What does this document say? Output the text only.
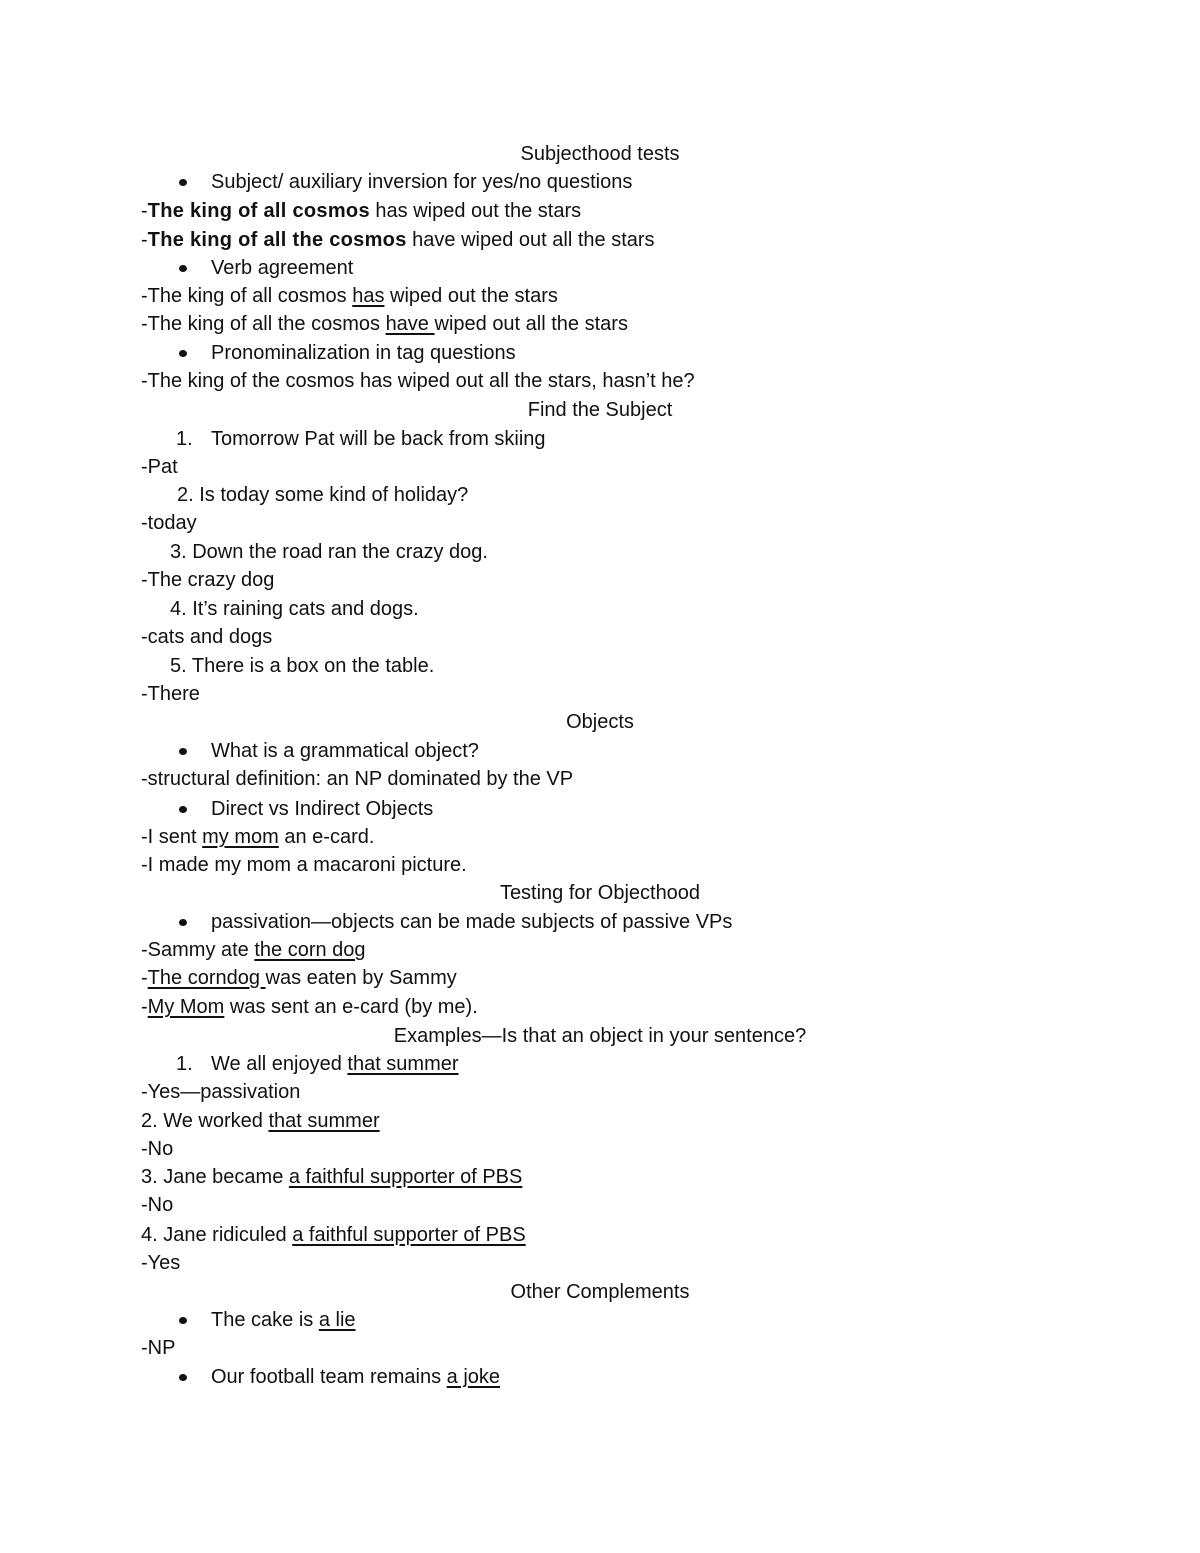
Subjecthood tests
Subject/ auxiliary inversion for yes/no questions
-The king of all cosmos has wiped out the stars
-The king of all the cosmos have wiped out all the stars
Verb agreement
-The king of all cosmos has wiped out the stars
-The king of all the cosmos have wiped out all the stars
Pronominalization in tag questions
-The king of the cosmos has wiped out all the stars, hasn’t he?
Find the Subject
1. Tomorrow Pat will be back from skiing
-Pat
2. Is today some kind of holiday?
-today
3. Down the road ran the crazy dog.
-The crazy dog
4. It’s raining cats and dogs.
-cats and dogs
5. There is a box on the table.
-There
Objects
What is a grammatical object?
-structural definition: an NP dominated by the VP
Direct vs Indirect Objects
-I sent my mom an e-card.
-I made my mom a macaroni picture.
Testing for Objecthood
passivation—objects can be made subjects of passive VPs
-Sammy ate the corn dog
-The corndog was eaten by Sammy
-My Mom was sent an e-card (by me).
Examples—Is that an object in your sentence?
1. We all enjoyed that summer
-Yes—passivation
2. We worked that summer
-No
3. Jane became a faithful supporter of PBS
-No
4. Jane ridiculed a faithful supporter of PBS
-Yes
Other Complements
The cake is a lie
-NP
Our football team remains a joke
